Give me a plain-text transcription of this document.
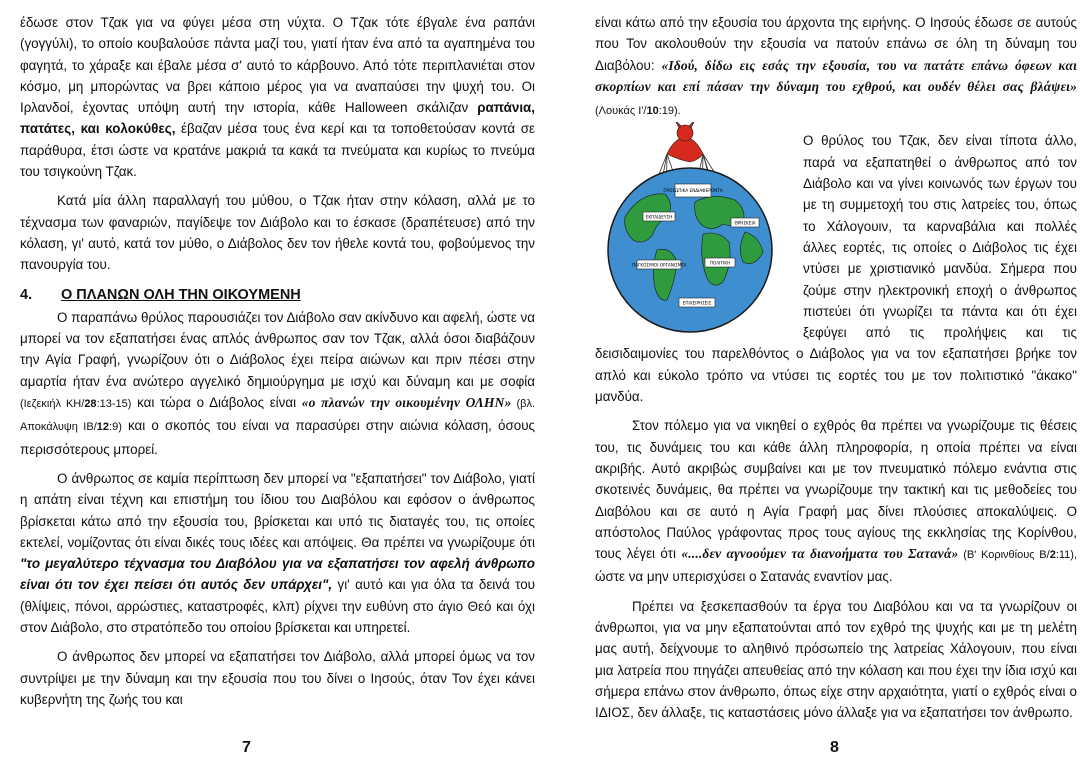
έδωσε στον Τζακ για να φύγει μέσα στη νύχτα. Ο Τζακ τότε έβγαλε ένα ραπάνι (γογγύλι), το οποίο κουβαλούσε πάντα μαζί του, γιατί ήταν ένα από τα αγαπημένα του φαγητά, το χάραξε και έβαλε μέσα σ' αυτό το κάρβουνο. Από τότε περιπλανιέται στον κόσμο, μη μπορώντας να βρει κάποιο μέρος για να αναπαύσει την ψυχή του. Οι Ιρλανδοί, έχοντας υπόψη αυτή την ιστορία, κάθε Halloween σκάλιζαν ραπάνια, πατάτες, και κολοκύθες, έβαζαν μέσα τους ένα κερί και τα τοποθετούσαν κοντά σε παράθυρα, έτσι ώστε να κρατάνε μακριά τα κακά τα πνεύματα και κυρίως το πνεύμα του τσιγκούνη Τζακ.

Κατά μία άλλη παραλλαγή του μύθου, ο Τζακ ήταν στην κόλαση, αλλά με το τέχνασμα των φαναριών, παγίδεψε τον Διάβολο και το έσκασε (δραπέτευσε) από την κόλαση, γι' αυτό, κατά τον μύθο, ο Διάβολος δεν τον ήθελε κοντά του, φοβούμενος την πανουργία του.

4. Ο ΠΛΑΝΩΝ ΟΛΗ ΤΗΝ ΟΙΚΟΥΜΕΝΗ

Ο παραπάνω θρύλος παρουσιάζει τον Διάβολο σαν ακίνδυνο και αφελή, ώστε να μπορεί να τον εξαπατήσει ένας απλός άνθρωπος σαν τον Τζακ, αλλά όσοι διαβάζουν την Αγία Γραφή, γνωρίζουν ότι ο Διάβολος έχει πείρα αιώνων και πριν πέσει στην αμαρτία ήταν ένα ανώτερο αγγελικό δημιούργημα με ισχύ και δύναμη και με σοφία (Ιεζεκιήλ ΚΗ/28:13-15) και τώρα ο Διάβολος είναι «ο πλανών την οικουμένην ΟΛΗΝ» (βλ. Αποκάλυψη ΙΒ/12:9) και ο σκοπός του είναι να παρασύρει στην αιώνια κόλαση, όσους περισσότερους μπορεί.

Ο άνθρωπος σε καμία περίπτωση δεν μπορεί να "εξαπατήσει" τον Διάβολο, γιατί η απάτη είναι τέχνη και επιστήμη του ίδιου του Διαβόλου και εφόσον ο άνθρωπος βρίσκεται κάτω από την εξουσία του, βρίσκεται και υπό τις διαταγές του, τις οποίες εκτελεί, νομίζοντας ότι είναι δικές τους ιδέες και απόψεις. Θα πρέπει να γνωρίζουμε ότι "το μεγαλύτερο τέχνασμα του Διαβόλου για να εξαπατήσει τον αφελή άνθρωπο είναι ότι τον έχει πείσει ότι αυτός δεν υπάρχει", γι' αυτό και για όλα τα δεινά του (θλίψεις, πόνοι, αρρώστιες, καταστροφές, κλπ) ρίχνει την ευθύνη στο άγιο Θεό και όχι στον Διάβολο, στο στρατόπεδο του οποίου βρίσκεται και υπηρετεί.

Ο άνθρωπος δεν μπορεί να εξαπατήσει τον Διάβολο, αλλά μπορεί όμως να τον συντρίψει με την δύναμη και την εξουσία που του δίνει ο Ιησούς, όταν Τον έχει κάνει κυβερνήτη της ζωής του και

7

είναι κάτω από την εξουσία του άρχοντα της ειρήνης. Ο Ιησούς έδωσε σε αυτούς που Τον ακολουθούν την εξουσία να πατούν επάνω σε όλη τη δύναμη του Διαβόλου: «Ιδού, δίδω εις εσάς την εξουσία, του να πατάτε επάνω όφεων και σκορπίων και επί πάσαν την δύναμη του εχθρού, και ουδέν θέλει σας βλάψει» (Λουκάς Ι'/10:19).

ΠΡΟΣΩΠΙΚΑ ΕΝΔΙΑΦΕΡΟΝΤΑ
ΕΚΠΑΙΔΕΥΣΗ
ΘΡΗΣΚΕΙΑ
ΠΑΓΚΟΣΜΙΟΙ ΟΡΓΑΝΙΣΜΟΙ	ΠΟΛΙΤΙΚΗ
ΕΠΙΧΕΙΡΗΣΕΙΣ

Ο θρύλος του Τζακ, δεν είναι τίποτα άλλο, παρά να εξαπατηθεί ο άνθρωπος από τον Διάβολο και να γίνει κοινωνός των έργων του με τη συμμετοχή του στις λατρείες του, όπως το Χάλογουιν, τα καρναβάλια και πολλές άλλες εορτές, τις οποίες ο Διάβολος τις έχει ντύσει με χριστιανικό μανδύα. Σήμερα που ζούμε στην ηλεκτρονική εποχή ο άνθρωπος πιστεύει ότι γνωρίζει τα πάντα και ότι έχει ξεφύγει από τις προλήψεις και τις δεισιδαιμονίες του παρελθόντος ο Διάβολος για να τον εξαπατήσει βρήκε τον απλό και εύκολο τρόπο να ντύσει τις εορτές του με τον πολιτιστικό "άκακο" μανδύα.

Στον πόλεμο για να νικηθεί ο εχθρός θα πρέπει να γνωρίζουμε τις θέσεις του, τις δυνάμεις του και κάθε άλλη πληροφορία, η οποία πρέπει να είναι ακριβής. Αυτό ακριβώς συμβαίνει και με τον πνευματικό πόλεμο ενάντια στις σκοτεινές δυνάμεις, θα πρέπει να γνωρίζουμε την τακτική και τις μεθοδείες του Διαβόλου και σε αυτό η Αγία Γραφή μας δίνει πλούσιες αποκαλύψεις. Ο απόστολος Παύλος γράφοντας προς τους αγίους της εκκλησίας της Κορίνθου, τους λέγει ότι «....δεν αγνοούμεν τα διανοήματα του Σατανά» (Β' Κορινθίους Β/2:11), ώστε να μην υπερισχύσει ο Σατανάς εναντίον μας.

Πρέπει να ξεσκεπασθούν τα έργα του Διαβόλου και να τα γνωρίζουν οι άνθρωποι, για να μην εξαπατούνται από τον εχθρό της ψυχής και με τη μελέτη μας αυτή, δείχνουμε το αληθινό πρόσωπείο της λατρείας Χάλογουιν, που είναι μια λατρεία που πηγάζει απευθείας από την κόλαση και που έχει την ίδια ισχύ και σήμερα επάνω στον άνθρωπο, όπως είχε στην αρχαιότητα, γιατί ο εχθρός είναι ο ΙΔΙΟΣ, δεν άλλαξε, τις καταστάσεις μόνο άλλαξε για να εξαπατήσει τον άνθρωπο.

8
